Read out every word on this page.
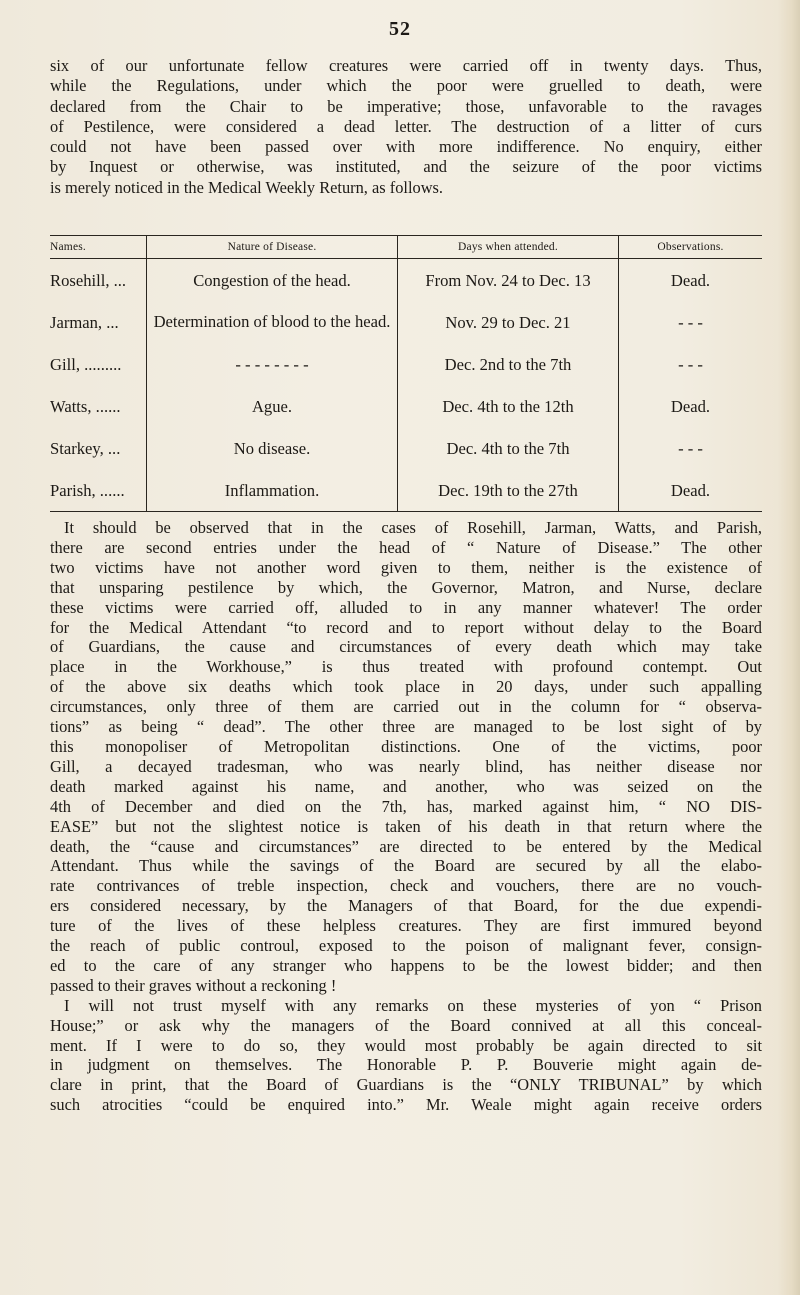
52

six of our unfortunate fellow creatures were carried off in twenty days. Thus,
while the Regulations, under which the poor were gruelled to death, were
declared from the Chair to be imperative; those, unfavorable to the ravages
of Pestilence, were considered a dead letter. The destruction of a litter of curs
could not have been passed over with more indifference. No enquiry, either
by Inquest or otherwise, was instituted, and the seizure of the poor victims
is merely noticed in the Medical Weekly Return, as follows.

Names.	Nature of Disease.	Days when attended.	Observations.

Rosehill, ...	Congestion of the head.	From Nov. 24 to Dec. 13	Dead.

Jarman, ...	Determination of blood to the head.	Nov. 29 to Dec. 21	- - -

Gill, .........	- - - - - - - -	Dec. 2nd to the 7th	- - -

Watts, ......	Ague.	Dec. 4th to the 12th	Dead.

Starkey, ...	No disease.	Dec. 4th to the 7th	- - -

Parish, ......	Inflammation.	Dec. 19th to the 27th	Dead.
It should be observed that in the cases of Rosehill, Jarman, Watts, and Parish,
there are second entries under the head of “ Nature of Disease.” The other
two victims have not another word given to them, neither is the existence of
that unsparing pestilence by which, the Governor, Matron, and Nurse, declare
these victims were carried off, alluded to in any manner whatever! The order
for the Medical Attendant “to record and to report without delay to the Board
of Guardians, the cause and circumstances of every death which may take
place in the Workhouse,” is thus treated with profound contempt. Out
of the above six deaths which took place in 20 days, under such appalling
circumstances, only three of them are carried out in the column for “ observa-
tions” as being “ dead”. The other three are managed to be lost sight of by
this monopoliser of Metropolitan distinctions. One of the victims, poor
Gill, a decayed tradesman, who was nearly blind, has neither disease nor
death marked against his name, and another, who was seized on the
4th of December and died on the 7th, has, marked against him, “ NO DIS-
EASE” but not the slightest notice is taken of his death in that return where the
death, the “cause and circumstances” are directed to be entered by the Medical
Attendant. Thus while the savings of the Board are secured by all the elabo-
rate contrivances of treble inspection, check and vouchers, there are no vouch-
ers considered necessary, by the Managers of that Board, for the due expendi-
ture of the lives of these helpless creatures. They are first immured beyond
the reach of public controul, exposed to the poison of malignant fever, consign-
ed to the care of any stranger who happens to be the lowest bidder; and then
passed to their graves without a reckoning !
I will not trust myself with any remarks on these mysteries of yon “ Prison
House;” or ask why the managers of the Board connived at all this conceal-
ment. If I were to do so, they would most probably be again directed to sit
in judgment on themselves. The Honorable P. P. Bouverie might again de-
clare in print, that the Board of Guardians is the “ONLY TRIBUNAL” by which
such atrocities “could be enquired into.” Mr. Weale might again receive orders
